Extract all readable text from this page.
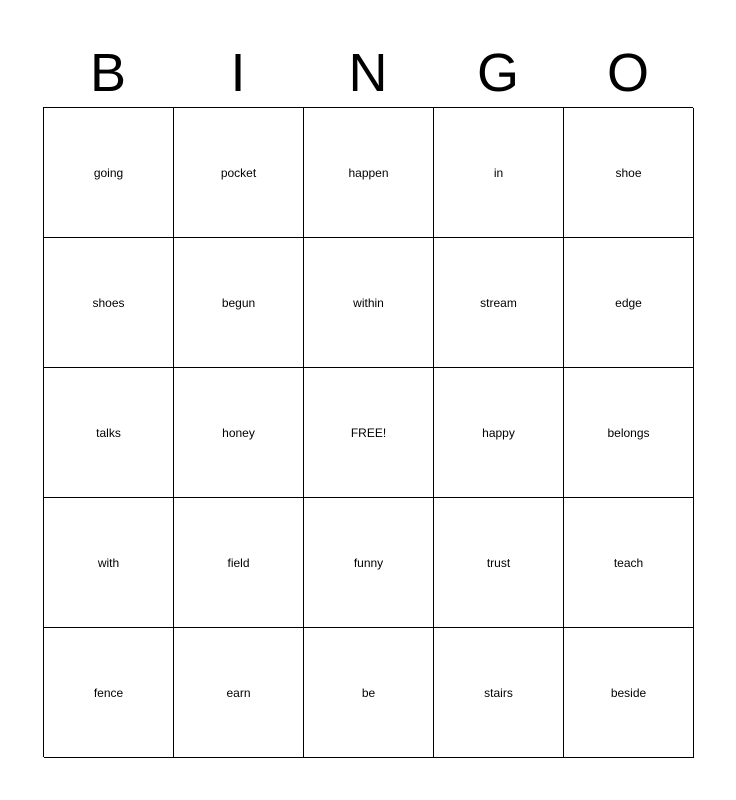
B	I	N	G	O
going	pocket	happen	in	shoe
shoes	begun	within	stream	edge
talks	honey	FREE!	happy	belongs
with	field	funny	trust	teach
fence	earn	be	stairs	beside
